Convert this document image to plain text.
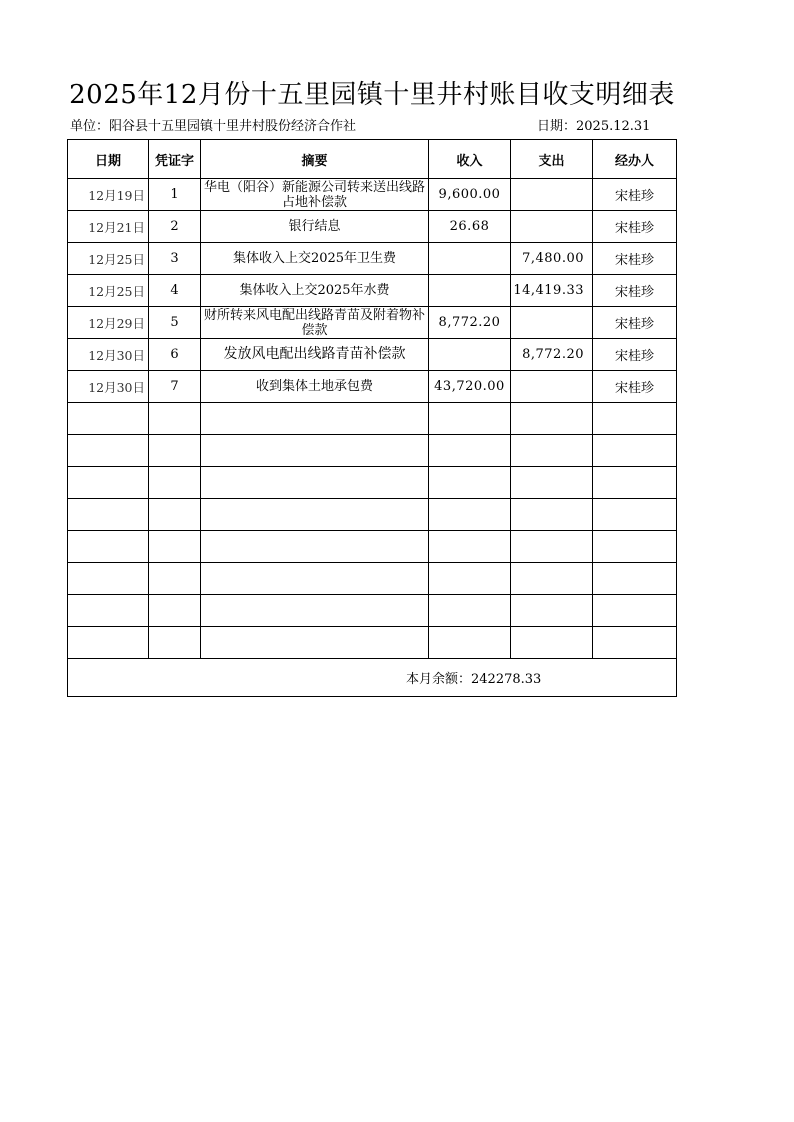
2025年12月份十五里园镇十里井村账目收支明细表
单位：阳谷县十五里园镇十里井村股份经济合作社	日期：2025.12.31
日期	凭证字	摘要	收入	支出	经办人
12月19日	1	华电（阳谷）新能源公司转来送出线路占地补偿款	9,600.00		宋桂珍
12月21日	2	银行结息	26.68		宋桂珍
12月25日	3	集体收入上交2025年卫生费		7,480.00	宋桂珍
12月25日	4	集体收入上交2025年水费		14,419.33	宋桂珍
12月29日	5	财所转来风电配出线路青苗及附着物补偿款	8,772.20		宋桂珍
12月30日	6	发放风电配出线路青苗补偿款		8,772.20	宋桂珍
12月30日	7	收到集体土地承包费	43,720.00		宋桂珍

本月余额：242278.33					
